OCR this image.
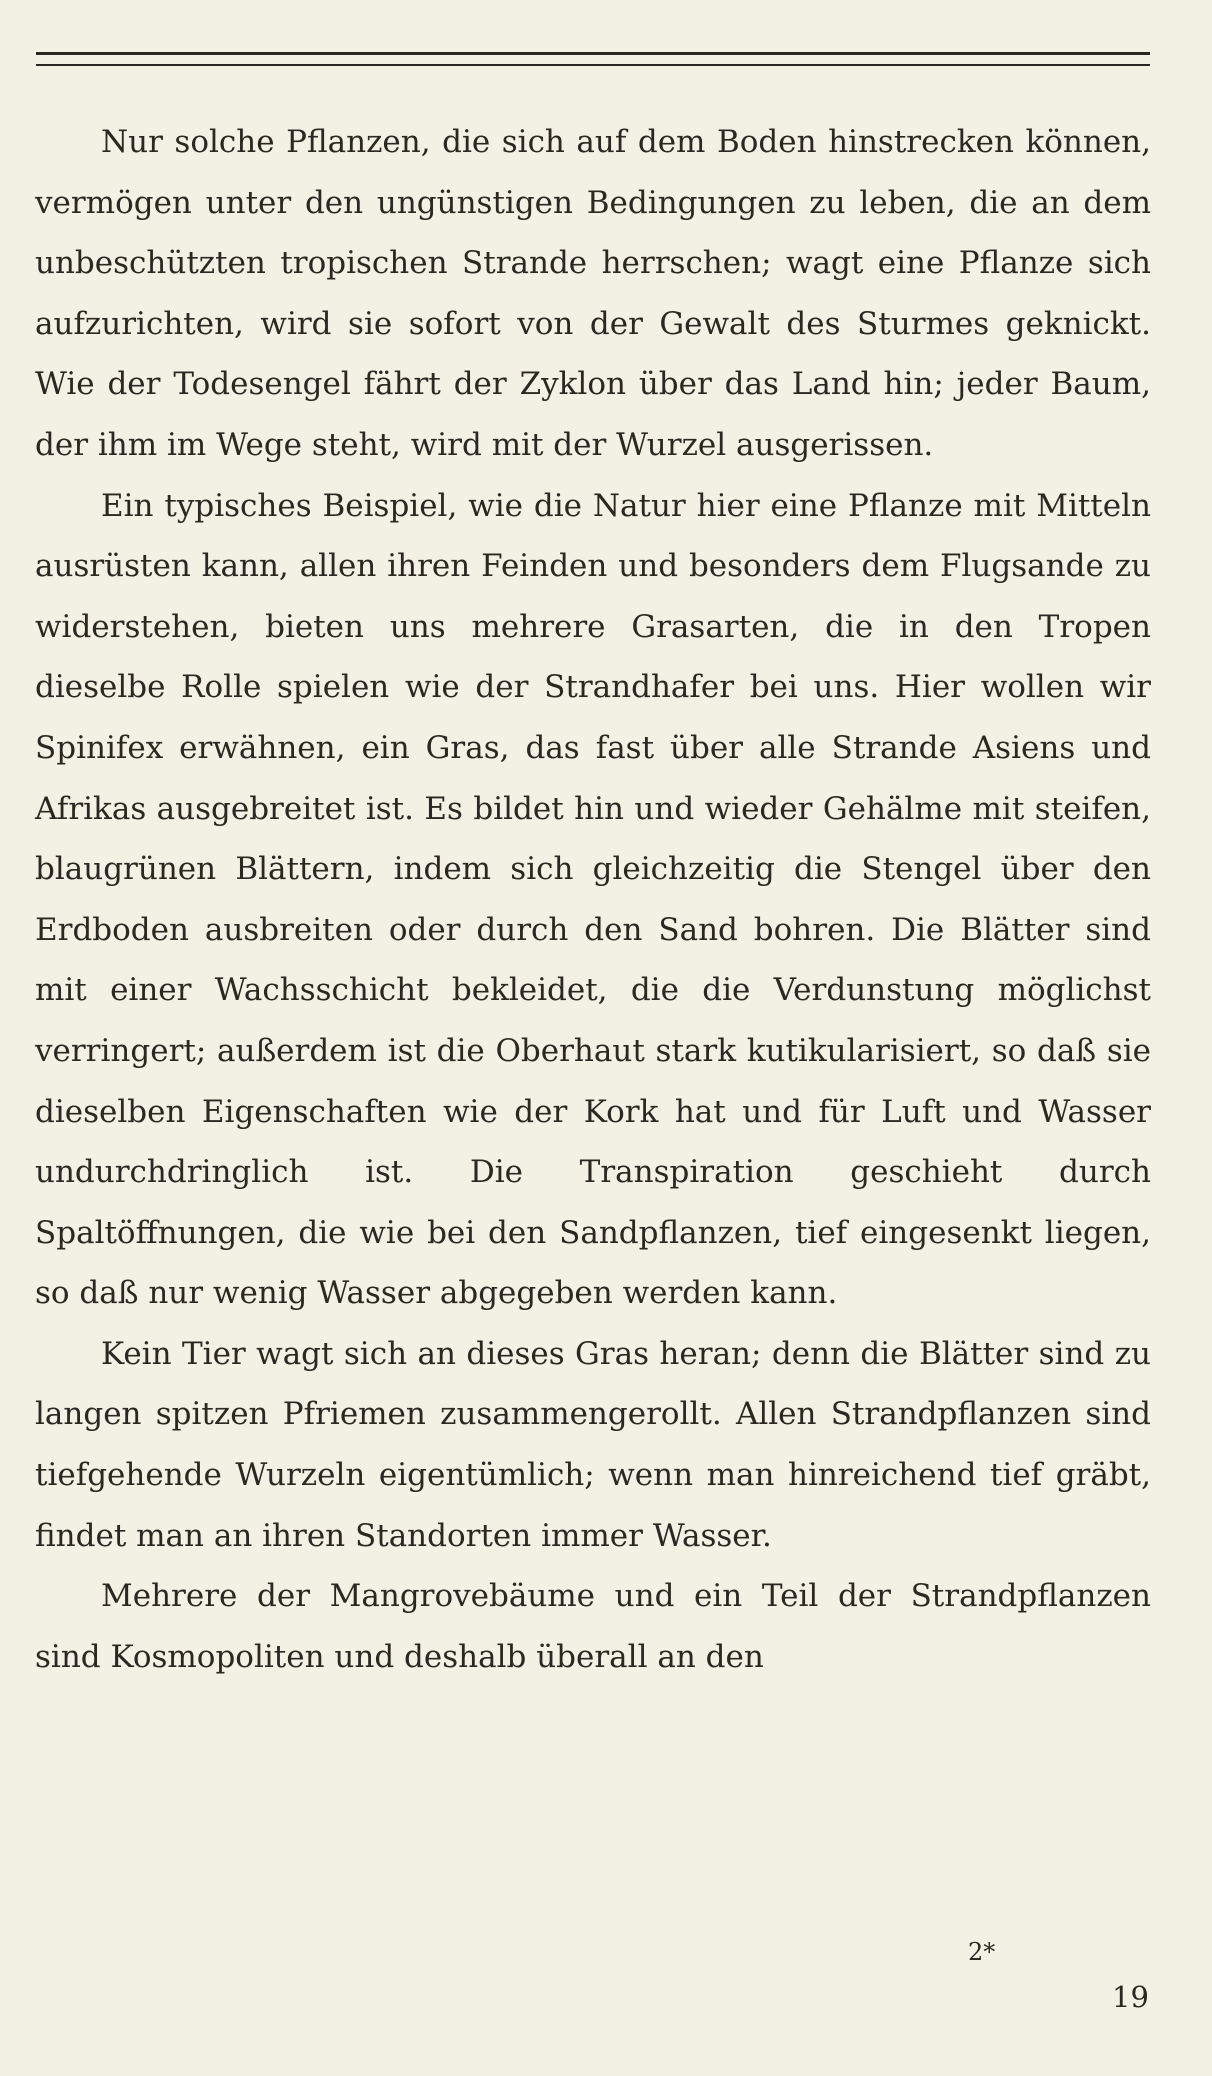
Nur solche Pflanzen, die sich auf dem Boden hinstrecken können, vermögen unter den ungünstigen Bedingungen zu leben, die an dem unbeschützten tropischen Strande herrschen; wagt eine Pflanze sich aufzurichten, wird sie sofort von der Gewalt des Sturmes geknickt. Wie der Todesengel fährt der Zyklon über das Land hin; jeder Baum, der ihm im Wege steht, wird mit der Wurzel ausgerissen.

Ein typisches Beispiel, wie die Natur hier eine Pflanze mit Mitteln ausrüsten kann, allen ihren Feinden und besonders dem Flugsande zu widerstehen, bieten uns mehrere Grasarten, die in den Tropen dieselbe Rolle spielen wie der Strandhafer bei uns. Hier wollen wir Spinifex erwähnen, ein Gras, das fast über alle Strande Asiens und Afrikas ausgebreitet ist. Es bildet hin und wieder Gehälme mit steifen, blaugrünen Blättern, indem sich gleichzeitig die Stengel über den Erdboden ausbreiten oder durch den Sand bohren. Die Blätter sind mit einer Wachsschicht bekleidet, die die Verdunstung möglichst verringert; außerdem ist die Oberhaut stark kutikularisiert, so daß sie dieselben Eigenschaften wie der Kork hat und für Luft und Wasser undurchdringlich ist. Die Transpiration geschieht durch Spaltöffnungen, die wie bei den Sandpflanzen, tief eingesenkt liegen, so daß nur wenig Wasser abgegeben werden kann.

Kein Tier wagt sich an dieses Gras heran; denn die Blätter sind zu langen spitzen Pfriemen zusammengerollt. Allen Strandpflanzen sind tiefgehende Wurzeln eigentümlich; wenn man hinreichend tief gräbt, findet man an ihren Standorten immer Wasser.

Mehrere der Mangrovebäume und ein Teil der Strandpflanzen sind Kosmopoliten und deshalb überall an den

2*
19
